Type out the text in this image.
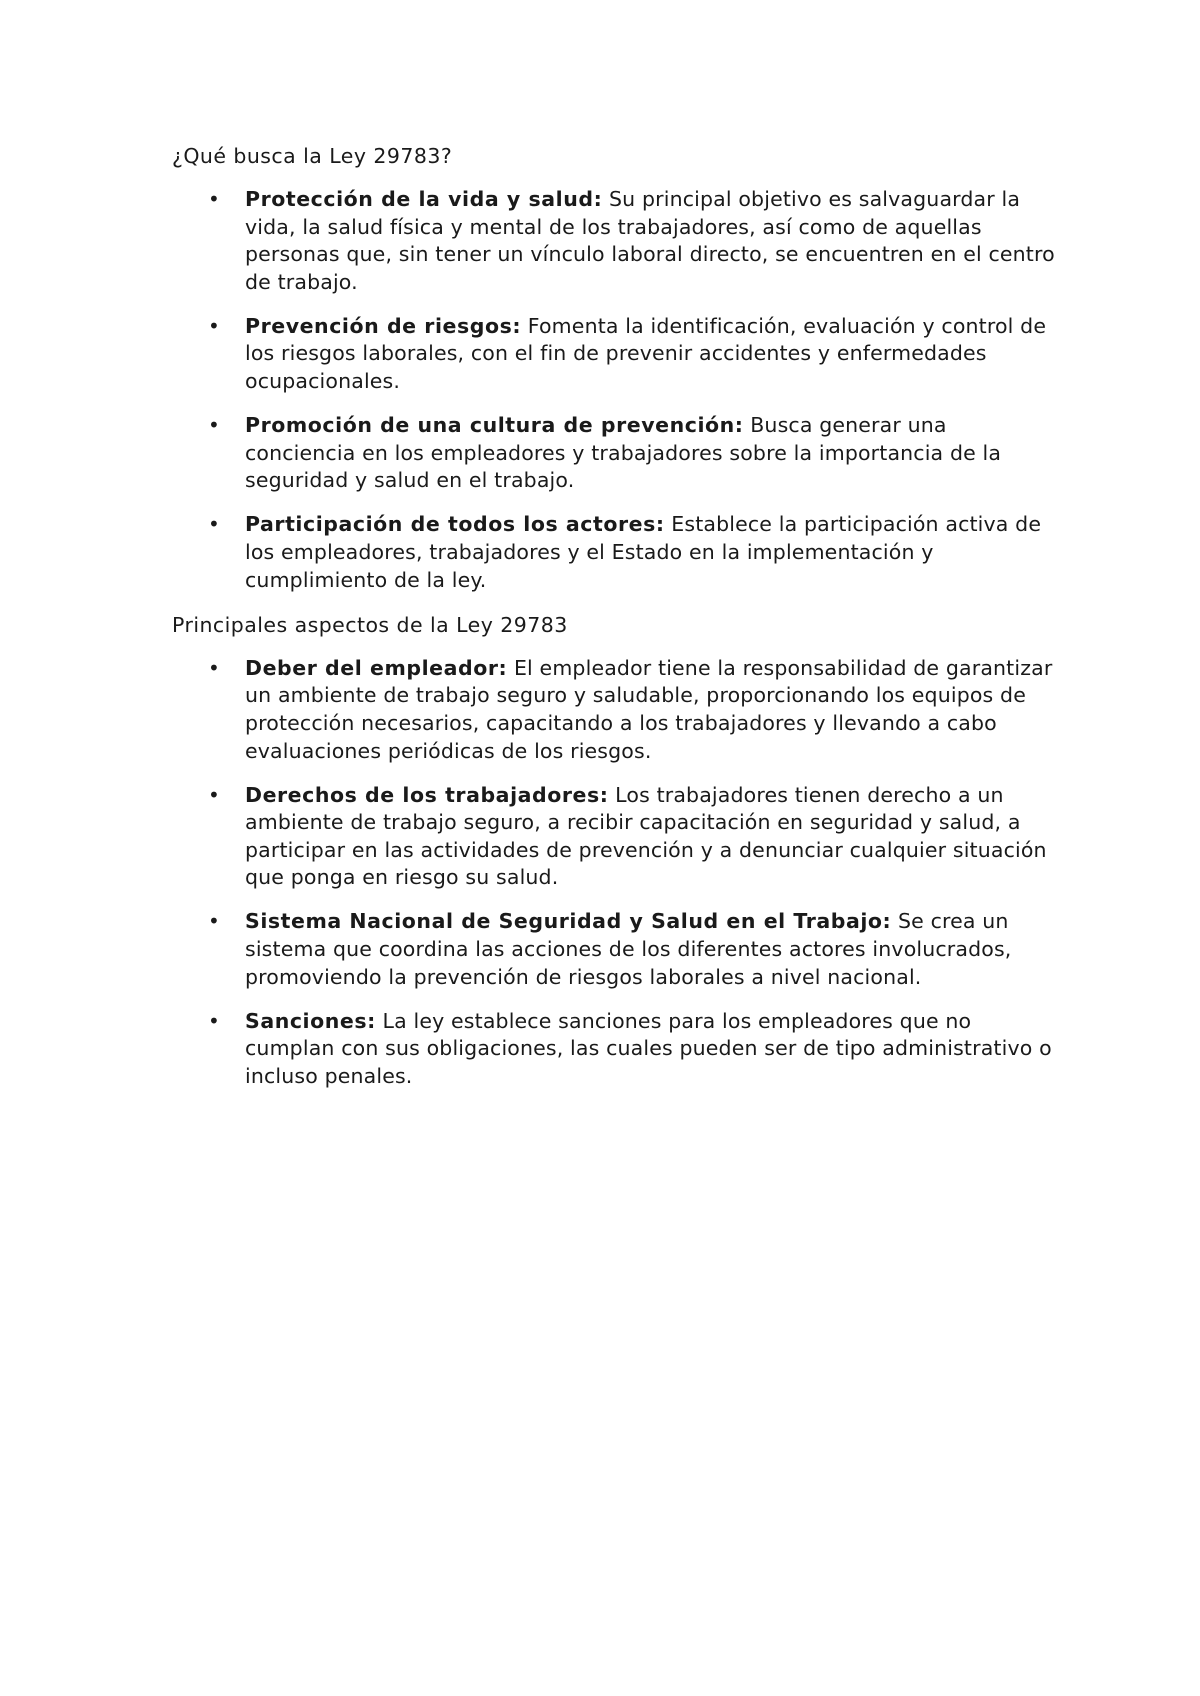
¿Qué busca la Ley 29783?

• Protección de la vida y salud: Su principal objetivo es salvaguardar la vida, la salud física y mental de los trabajadores, así como de aquellas personas que, sin tener un vínculo laboral directo, se encuentren en el centro de trabajo.
• Prevención de riesgos: Fomenta la identificación, evaluación y control de los riesgos laborales, con el fin de prevenir accidentes y enfermedades ocupacionales.
• Promoción de una cultura de prevención: Busca generar una conciencia en los empleadores y trabajadores sobre la importancia de la seguridad y salud en el trabajo.
• Participación de todos los actores: Establece la participación activa de los empleadores, trabajadores y el Estado en la implementación y cumplimiento de la ley.

Principales aspectos de la Ley 29783

• Deber del empleador: El empleador tiene la responsabilidad de garantizar un ambiente de trabajo seguro y saludable, proporcionando los equipos de protección necesarios, capacitando a los trabajadores y llevando a cabo evaluaciones periódicas de los riesgos.
• Derechos de los trabajadores: Los trabajadores tienen derecho a un ambiente de trabajo seguro, a recibir capacitación en seguridad y salud, a participar en las actividades de prevención y a denunciar cualquier situación que ponga en riesgo su salud.
• Sistema Nacional de Seguridad y Salud en el Trabajo: Se crea un sistema que coordina las acciones de los diferentes actores involucrados, promoviendo la prevención de riesgos laborales a nivel nacional.
• Sanciones: La ley establece sanciones para los empleadores que no cumplan con sus obligaciones, las cuales pueden ser de tipo administrativo o incluso penales.
